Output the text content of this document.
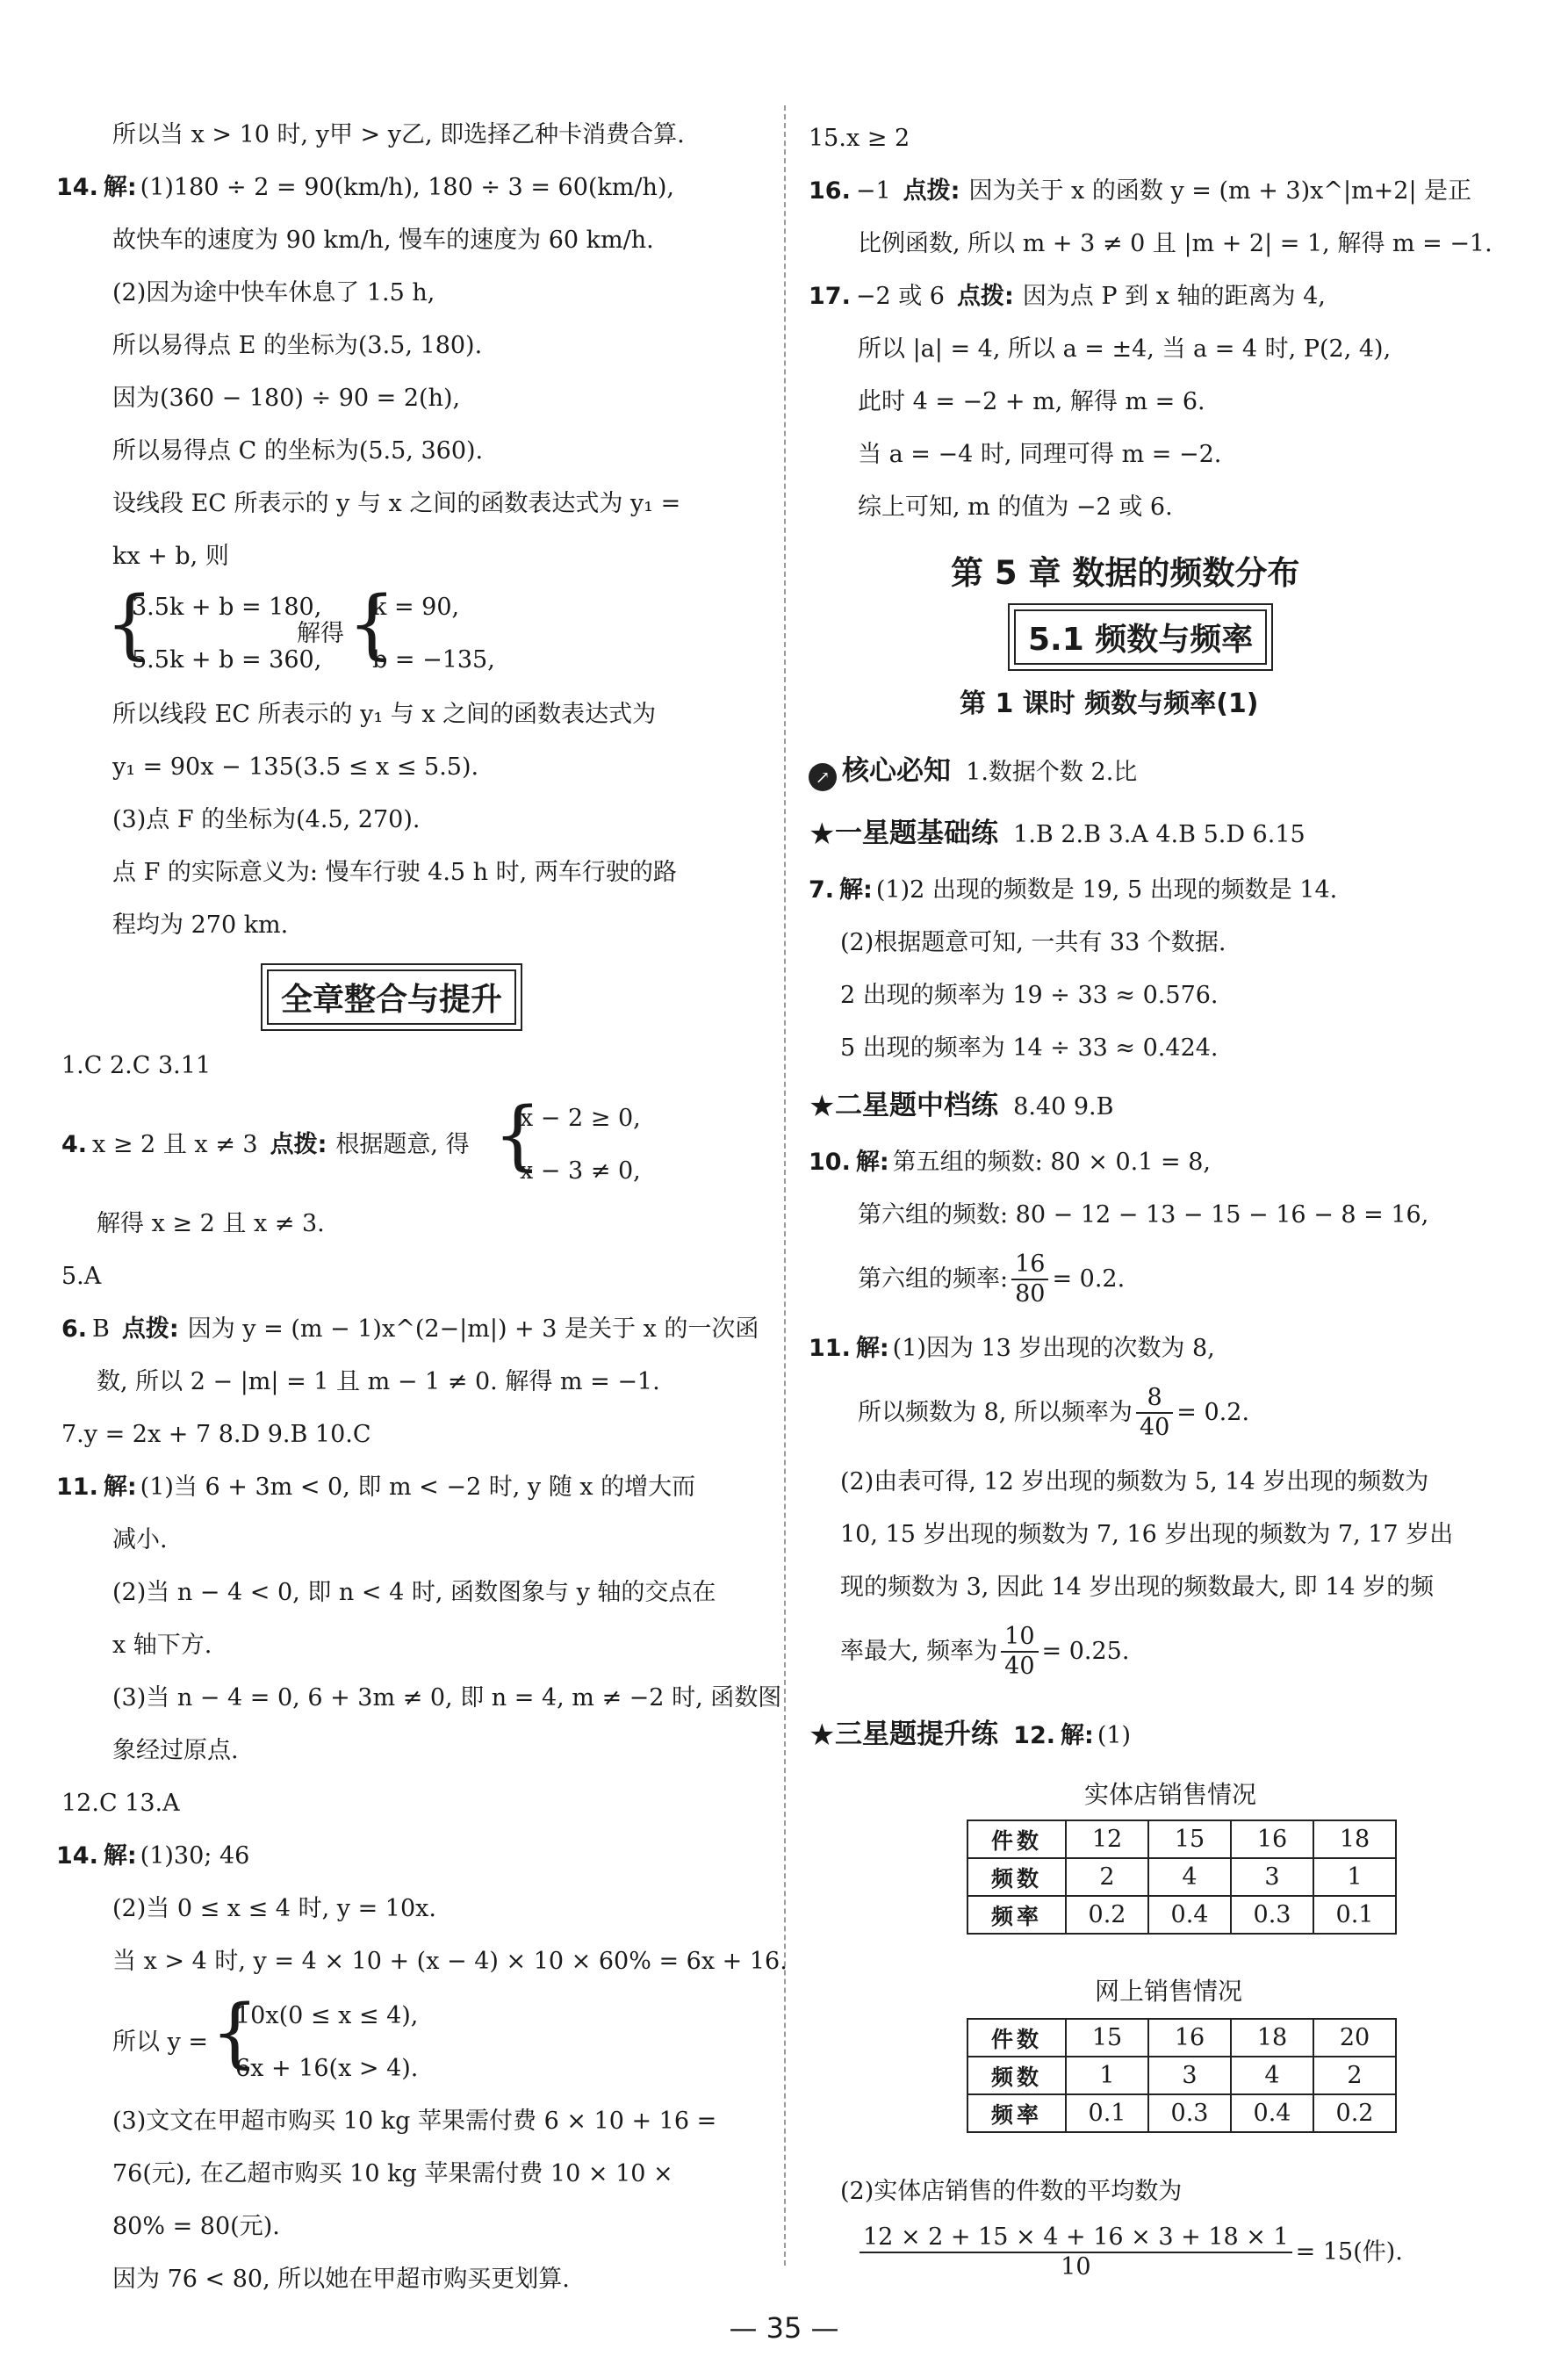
所以当 x > 10 时, y甲 > y乙, 即选择乙种卡消费合算.
14. 解: (1)180 ÷ 2 = 90(km/h), 180 ÷ 3 = 60(km/h),
故快车的速度为 90 km/h, 慢车的速度为 60 km/h.
(2)因为途中快车休息了 1.5 h,
所以易得点 E 的坐标为(3.5, 180).
因为(360 − 180) ÷ 90 = 2(h),
所以易得点 C 的坐标为(5.5, 360).
设线段 EC 所表示的 y 与 x 之间的函数表达式为 y₁ =
kx + b, 则
{
3.5k + b = 180,
5.5k + b = 360,
解得 {
k = 90,
b = −135,
所以线段 EC 所表示的 y₁ 与 x 之间的函数表达式为
y₁ = 90x − 135(3.5 ≤ x ≤ 5.5).
(3)点 F 的坐标为(4.5, 270).
点 F 的实际意义为: 慢车行驶 4.5 h 时, 两车行驶的路
程均为 270 km.
全章整合与提升
1.C 2.C 3.11
4. x ≥ 2 且 x ≠ 3 点拨: 根据题意, 得 {
x − 2 ≥ 0,
x − 3 ≠ 0,
解得 x ≥ 2 且 x ≠ 3.
5.A
6. B 点拨: 因为 y = (m − 1)x^(2−|m|) + 3 是关于 x 的一次函
数, 所以 2 − |m| = 1 且 m − 1 ≠ 0. 解得 m = −1.
7.y = 2x + 7 8.D 9.B 10.C
11. 解: (1)当 6 + 3m < 0, 即 m < −2 时, y 随 x 的增大而
减小.
(2)当 n − 4 < 0, 即 n < 4 时, 函数图象与 y 轴的交点在
x 轴下方.
(3)当 n − 4 = 0, 6 + 3m ≠ 0, 即 n = 4, m ≠ −2 时, 函数图
象经过原点.
12.C 13.A
14. 解: (1)30; 46
(2)当 0 ≤ x ≤ 4 时, y = 10x.
当 x > 4 时, y = 4 × 10 + (x − 4) × 10 × 60% = 6x + 16.
所以 y = {
10x(0 ≤ x ≤ 4),
6x + 16(x > 4).
(3)文文在甲超市购买 10 kg 苹果需付费 6 × 10 + 16 =
76(元), 在乙超市购买 10 kg 苹果需付费 10 × 10 ×
80% = 80(元).
因为 76 < 80, 所以她在甲超市购买更划算.
15.x ≥ 2
16. −1 点拨: 因为关于 x 的函数 y = (m + 3)x^|m+2| 是正
比例函数, 所以 m + 3 ≠ 0 且 |m + 2| = 1, 解得 m = −1.
17. −2 或 6 点拨: 因为点 P 到 x 轴的距离为 4,
所以 |a| = 4, 所以 a = ±4, 当 a = 4 时, P(2, 4),
此时 4 = −2 + m, 解得 m = 6.
当 a = −4 时, 同理可得 m = −2.
综上可知, m 的值为 −2 或 6.
第 5 章 数据的频数分布
5.1 频数与频率
第 1 课时 频数与频率(1)
↗ 核心必知 1.数据个数 2.比
★一星题基础练 1.B 2.B 3.A 4.B 5.D 6.15
7. 解: (1)2 出现的频数是 19, 5 出现的频数是 14.
(2)根据题意可知, 一共有 33 个数据.
2 出现的频率为 19 ÷ 33 ≈ 0.576.
5 出现的频率为 14 ÷ 33 ≈ 0.424.
★二星题中档练 8.40 9.B
10. 解: 第五组的频数: 80 × 0.1 = 8,
第六组的频数: 80 − 12 − 13 − 15 − 16 − 8 = 16,
第六组的频率: $\frac{16}{80} = 0.2$.
11. 解: (1)因为 13 岁出现的次数为 8,
所以频数为 8, 所以频率为 $\frac{8}{40} = 0.2$.
(2)由表可得, 12 岁出现的频数为 5, 14 岁出现的频数为
10, 15 岁出现的频数为 7, 16 岁出现的频数为 7, 17 岁出
现的频数为 3, 因此 14 岁出现的频数最大, 即 14 岁的频
率最大, 频率为 $\frac{10}{40} = 0.25$.
★三星题提升练 12. 解: (1)
实体店销售情况
件数	12	15	16	18
频数	2	4	3	1
频率	0.2	0.4	0.3	0.1
网上销售情况
件数	15	16	18	20
频数	1	3	4	2
频率	0.1	0.3	0.4	0.2
(2)实体店销售的件数的平均数为
$\frac{12 \times 2 + 15 \times 4 + 16 \times 3 + 18 \times 1}{10} = 15$(件).
— 35 —
